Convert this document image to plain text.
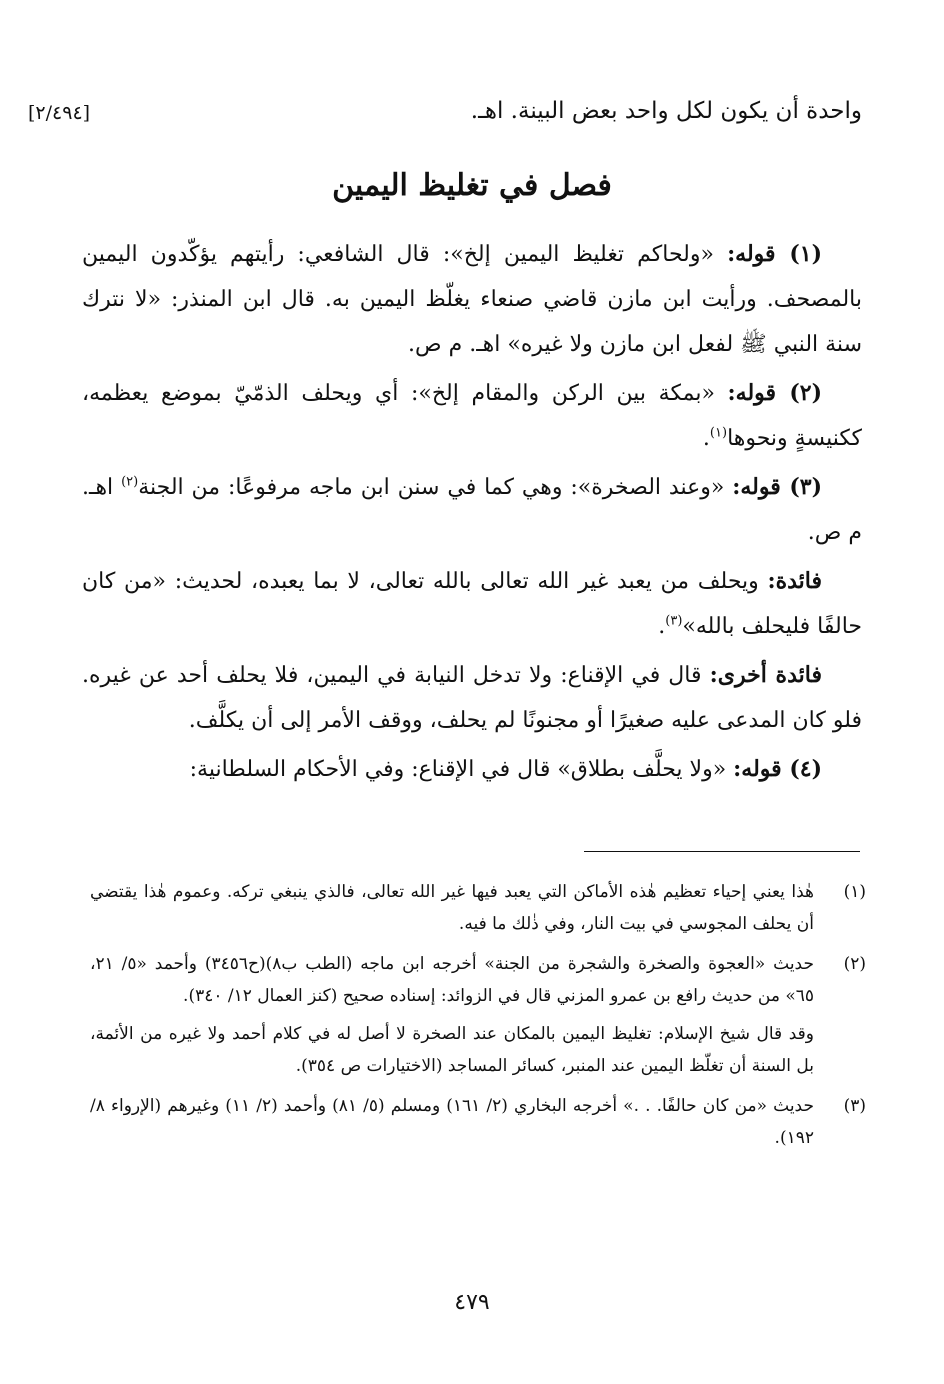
[٢/٤٩٤]	واحدة أن يكون لكل واحد بعض البينة. اهـ.
فصل في تغليظ اليمين

(١) قوله: «ولحاكم تغليظ اليمين إلخ»: قال الشافعي: رأيتهم يؤكّدون اليمين بالمصحف. ورأيت ابن مازن قاضي صنعاء يغلّظ اليمين به. قال ابن المنذر: «لا نترك سنة النبي ﷺ لفعل ابن مازن ولا غيره» اهـ. م ص.

(٢) قوله: «بمكة بين الركن والمقام إلخ»: أي ويحلف الذمّيّ بموضع يعظمه، ككنيسةٍ ونحوها$^{(١)}$.

(٣) قوله: «وعند الصخرة»: وهي كما في سنن ابن ماجه مرفوعًا: من الجنة$^{(٢)}$ اهـ. م ص.

فائدة: ويحلف من يعبد غير الله تعالى بالله تعالى، لا بما يعبده، لحديث: «من كان حالفًا فليحلف بالله»$^{(٣)}$.

فائدة أخرى: قال في الإقناع: ولا تدخل النيابة في اليمين، فلا يحلف أحد عن غيره. فلو كان المدعى عليه صغيرًا أو مجنونًا لم يحلف، ووقف الأمر إلى أن يكلَّف.

(٤) قوله: «ولا يحلَّف بطلاق» قال في الإقناع: وفي الأحكام السلطانية:

(١)

هٰذا يعني إحياء تعظيم هٰذه الأماكن التي يعبد فيها غير الله تعالى، فالذي ينبغي تركه. وعموم هٰذا يقتضي أن يحلف المجوسي في بيت النار، وفي ذٰلك ما فيه.

(٢)

حديث «العجوة والصخرة والشجرة من الجنة» أخرجه ابن ماجه (الطب ب٨)(ح٣٤٥٦) وأحمد «٥/ ٢١، ٦٥» من حديث رافع بن عمرو المزني قال في الزوائد: إسناده صحيح (كنز العمال ١٢/ ٣٤٠).

وقد قال شيخ الإسلام: تغليظ اليمين بالمكان عند الصخرة لا أصل له في كلام أحمد ولا غيره من الأئمة، بل السنة أن تغلّظ اليمين عند المنبر، كسائر المساجد (الاختيارات ص ٣٥٤).

(٣)

حديث «من كان حالفًا. . .» أخرجه البخاري (٢/ ١٦١) ومسلم (٥/ ٨١) وأحمد (٢/ ١١) وغيرهم (الإرواء ٨/ ١٩٢).

٤٧٩
